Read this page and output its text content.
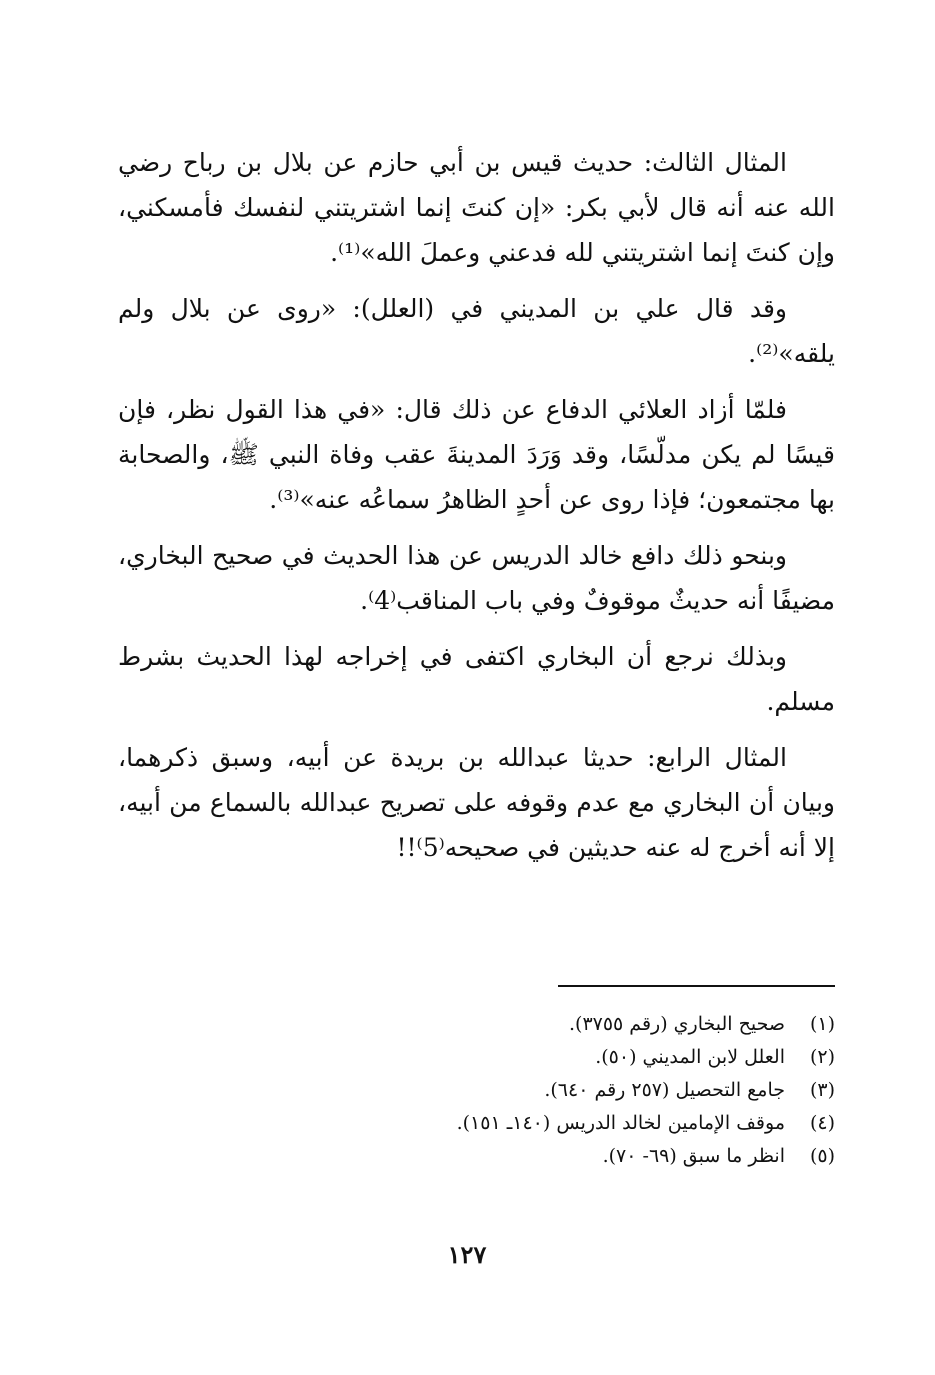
المثال الثالث: حديث قيس بن أبي حازم عن بلال بن رباح رضي الله عنه أنه قال لأبي بكر: «إن كنتَ إنما اشتريتني لنفسك فأمسكني، وإن كنتَ إنما اشتريتني لله فدعني وعملَ الله»⁽¹⁾.

وقد قال علي بن المديني في (العلل): «روى عن بلال ولم يلقه»⁽²⁾.

فلمّا أزاد العلائي الدفاع عن ذلك قال: «في هذا القول نظر، فإن قيسًا لم يكن مدلّسًا، وقد وَرَدَ المدينةَ عقب وفاة النبي ﷺ، والصحابة بها مجتمعون؛ فإذا روى عن أحدٍ الظاهرُ سماعُه عنه»⁽³⁾.

وبنحو ذلك دافع خالد الدريس عن هذا الحديث في صحيح البخاري، مضيفًا أنه حديثٌ موقوفٌ وفي باب المناقب⁽4⁾.

وبذلك نرجع أن البخاري اكتفى في إخراجه لهذا الحديث بشرط مسلم.

المثال الرابع: حديثا عبدالله بن بريدة عن أبيه، وسبق ذكرهما، وبيان أن البخاري مع عدم وقوفه على تصريح عبدالله بالسماع من أبيه، إلا أنه أخرج له عنه حديثين في صحيحه⁽5⁾!!

(١)
صحيح البخاري (رقم ٣٧٥٥).
(٢)
العلل لابن المديني (٥٠).
(٣)
جامع التحصيل (٢٥٧ رقم ٦٤٠).
(٤)
موقف الإمامين لخالد الدريس (١٤٠ـ ١٥١).
(٥)
انظر ما سبق (٦٩- ٧٠).
١٢٧
